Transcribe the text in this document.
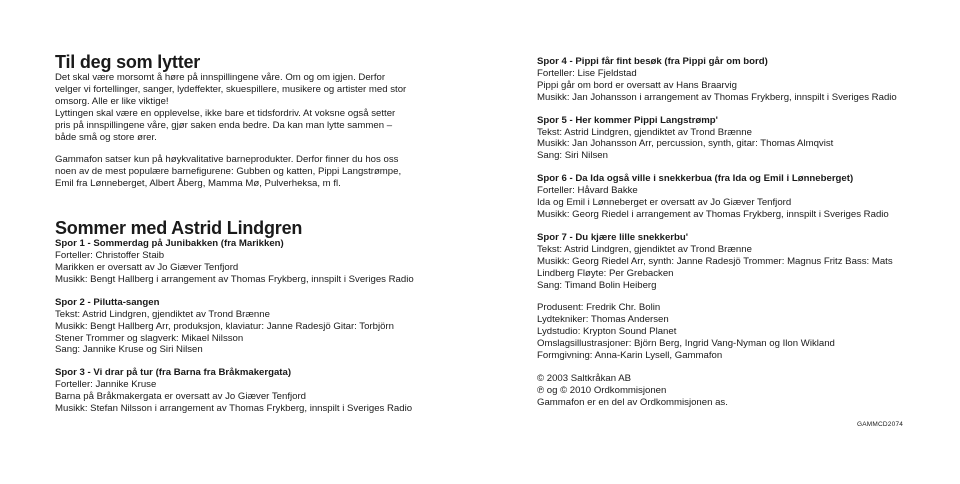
Til deg som lytter
Det skal være morsomt å høre på innspillingene våre. Om og om igjen. Derfor
velger vi fortellinger, sanger, lydeffekter, skuespillere, musikere og artister med stor
omsorg. Alle er like viktige!
Lyttingen skal være en opplevelse, ikke bare et tidsfordriv. At voksne også setter
pris på innspillingene våre, gjør saken enda bedre. Da kan man lytte sammen –
både små og store ører.
Gammafon satser kun på høykvalitative barneprodukter. Derfor finner du hos oss
noen av de mest populære barnefigurene: Gubben og katten, Pippi Langstrømpe,
Emil fra Lønneberget, Albert Åberg, Mamma Mø, Pulverheksa, m fl.
Sommer med Astrid Lindgren
Spor 1 - Sommerdag på Junibakken (fra Marikken)
Forteller: Christoffer Staib
Marikken er oversatt av Jo Giæver Tenfjord
Musikk: Bengt Hallberg i arrangement av Thomas Frykberg, innspilt i Sveriges Radio
Spor 2 - Pilutta-sangen
Tekst: Astrid Lindgren, gjendiktet av Trond Brænne
Musikk: Bengt Hallberg Arr, produksjon, klaviatur: Janne Radesjö Gitar: Torbjörn
Stener Trommer og slagverk: Mikael Nilsson
Sang: Jannike Kruse og Siri Nilsen
Spor 3 - Vi drar på tur (fra Barna fra Bråkmakergata)
Forteller: Jannike Kruse
Barna på Bråkmakergata er oversatt av Jo Giæver Tenfjord
Musikk: Stefan Nilsson i arrangement av Thomas Frykberg, innspilt i Sveriges Radio
Spor 4 - Pippi får fint besøk (fra Pippi går om bord)
Forteller: Lise Fjeldstad
Pippi går om bord er oversatt av Hans Braarvig
Musikk: Jan Johansson i arrangement av Thomas Frykberg, innspilt i Sveriges Radio
Spor 5 - Her kommer Pippi Langstrømp'
Tekst: Astrid Lindgren, gjendiktet av Trond Brænne
Musikk: Jan Johansson Arr, percussion, synth, gitar: Thomas Almqvist
Sang: Siri Nilsen
Spor 6 - Da Ida også ville i snekkerbua (fra Ida og Emil i Lønneberget)
Forteller: Håvard Bakke
Ida og Emil i Lønneberget er oversatt av Jo Giæver Tenfjord
Musikk: Georg Riedel i arrangement av Thomas Frykberg, innspilt i Sveriges Radio
Spor 7 - Du kjære lille snekkerbu'
Tekst: Astrid Lindgren, gjendiktet av Trond Brænne
Musikk: Georg Riedel Arr, synth: Janne Radesjö Trommer: Magnus Fritz Bass: Mats
Lindberg Fløyte: Per Grebacken
Sang: Timand Bolin Heiberg
Produsent: Fredrik Chr. Bolin
Lydtekniker: Thomas Andersen
Lydstudio: Krypton Sound Planet
Omslagsillustrasjoner: Björn Berg, Ingrid Vang-Nyman og Ilon Wikland
Formgivning: Anna-Karin Lysell, Gammafon
© 2003 Saltkråkan AB
℗ og © 2010 Ordkommisjonen
Gammafon er en del av Ordkommisjonen as.
GAMMCD2074
